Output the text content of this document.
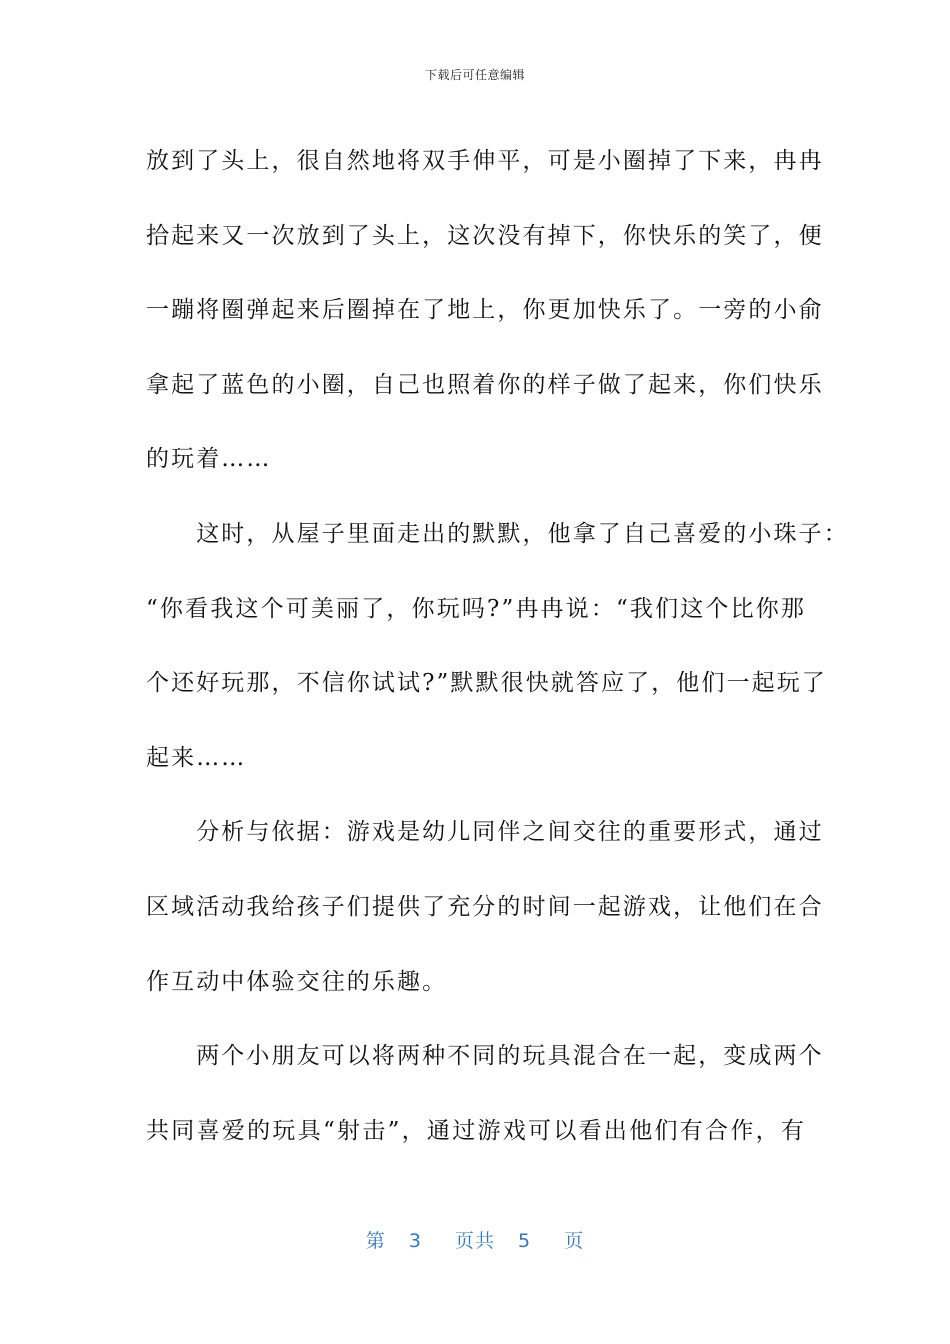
下载后可任意编辑

放到了头上，很自然地将双手伸平，可是小圈掉了下来，冉冉
拾起来又一次放到了头上，这次没有掉下，你快乐的笑了，便
一蹦将圈弹起来后圈掉在了地上，你更加快乐了。一旁的小俞
拿起了蓝色的小圈，自己也照着你的样子做了起来，你们快乐
的玩着……

　　这时，从屋子里面走出的默默，他拿了自己喜爱的小珠子：
“你看我这个可美丽了，你玩吗?”冉冉说：“我们这个比你那
个还好玩那，不信你试试?”默默很快就答应了，他们一起玩了
起来……

　　分析与依据：游戏是幼儿同伴之间交往的重要形式，通过
区域活动我给孩子们提供了充分的时间一起游戏，让他们在合
作互动中体验交往的乐趣。

　　两个小朋友可以将两种不同的玩具混合在一起，变成两个
共同喜爱的玩具“射击”，通过游戏可以看出他们有合作，有

第 3 页共 5 页
